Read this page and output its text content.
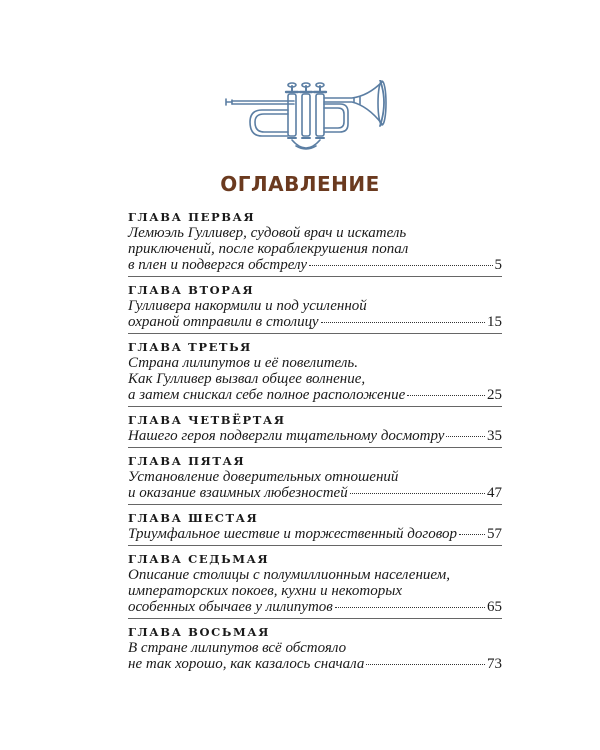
ОГЛАВЛЕНИЕ
ГЛАВА ПЕРВАЯ
Лемюэль Гулливер, судовой врач и искатель
приключений, после кораблекрушения попал
в плен и подвергся обстрелу	5
ГЛАВА ВТОРАЯ
Гулливера накормили и под усиленной
охраной отправили в столицу	15
ГЛАВА ТРЕТЬЯ
Страна лилипутов и её повелитель.
Как Гулливер вызвал общее волнение,
а затем снискал себе полное расположение	25
ГЛАВА ЧЕТВЁРТАЯ
Нашего героя подвергли тщательному досмотру	35
ГЛАВА ПЯТАЯ
Установление доверительных отношений
и оказание взаимных любезностей	47
ГЛАВА ШЕСТАЯ
Триумфальное шествие и торжественный договор 57
ГЛАВА СЕДЬМАЯ
Описание столицы с полумиллионным населением,
императорских покоев, кухни и некоторых
особенных обычаев у лилипутов	65
ГЛАВА ВОСЬМАЯ
В стране лилипутов всё обстояло
не так хорошо, как казалось сначала	73
